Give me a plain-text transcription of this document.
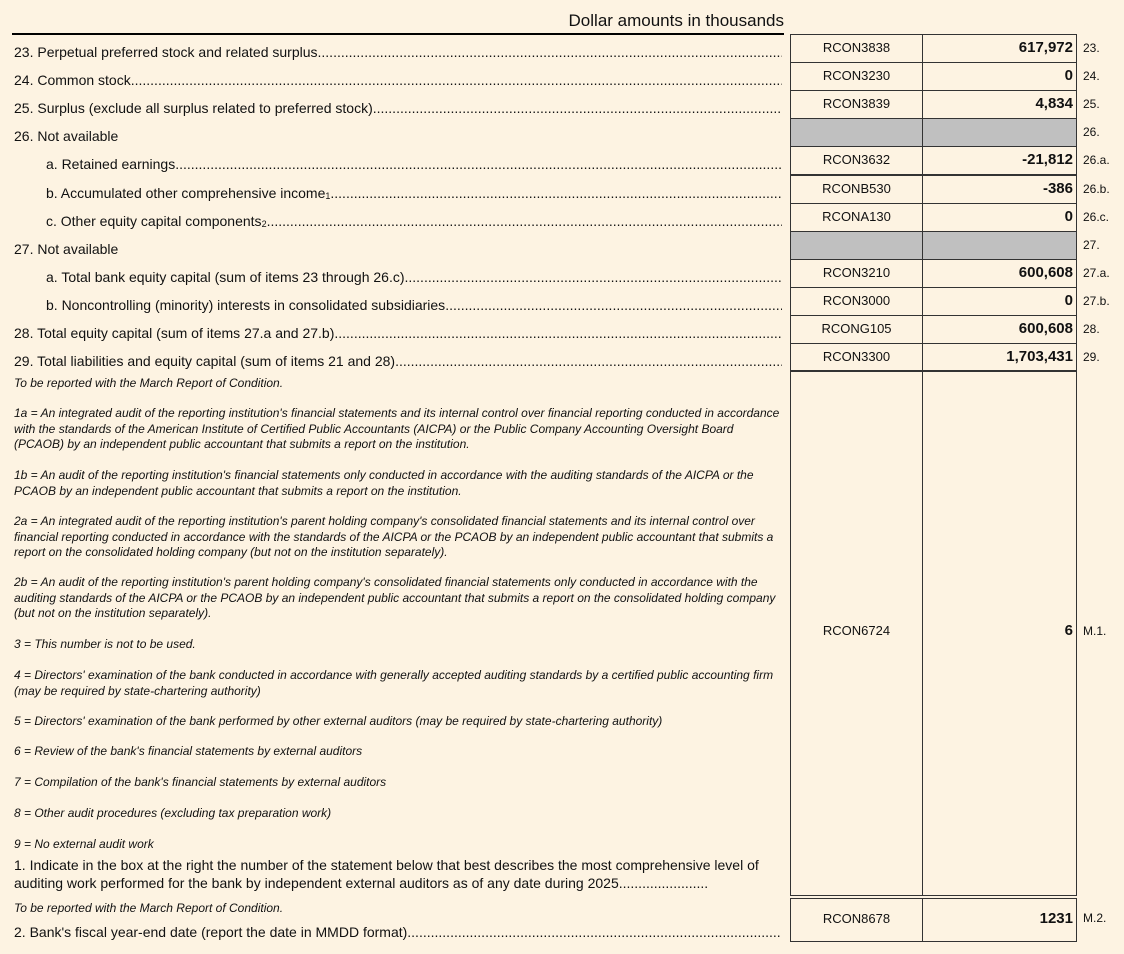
Dollar amounts in thousands
23. Perpetual preferred stock and related surplus .....	RCON3838	617,972 23.
24. Common stock .....	RCON3230	0 24.
25. Surplus (exclude all surplus related to preferred stock) .....	RCON3839	4,834 25.
26. Not available	26.
a. Retained earnings .....	RCON3632	-21,812 26.a.
b. Accumulated other comprehensive income$_1$ .....	RCONB530	-386 26.b.
c. Other equity capital components$_2$ .....	RCONA130	0 26.c.
27. Not available	27.
a. Total bank equity capital (sum of items 23 through 26.c) .....	RCON3210	600,608 27.a.
b. Noncontrolling (minority) interests in consolidated subsidiaries .....	RCON3000	0 27.b.
28. Total equity capital (sum of items 27.a and 27.b) .....	RCONG105	600,608 28.
29. Total liabilities and equity capital (sum of items 21 and 28) .....	RCON3300	1,703,431 29.
To be reported with the March Report of Condition.
1a = An integrated audit of the reporting institution's financial statements and its internal control over financial reporting conducted in accordance with the standards of the American Institute of Certified Public Accountants (AICPA) or the Public Company Accounting Oversight Board (PCAOB) by an independent public accountant that submits a report on the institution.
1b = An audit of the reporting institution's financial statements only conducted in accordance with the auditing standards of the AICPA or the PCAOB by an independent public accountant that submits a report on the institution.
2a = An integrated audit of the reporting institution's parent holding company's consolidated financial statements and its internal control over financial reporting conducted in accordance with the standards of the AICPA or the PCAOB by an independent public accountant that submits a report on the consolidated holding company (but not on the institution separately).
2b = An audit of the reporting institution's parent holding company's consolidated financial statements only conducted in accordance with the auditing standards of the AICPA or the PCAOB by an independent public accountant that submits a report on the consolidated holding company (but not on the institution separately).
3 = This number is not to be used.
4 = Directors' examination of the bank conducted in accordance with generally accepted auditing standards by a certified public accounting firm (may be required by state-chartering authority)
5 = Directors' examination of the bank performed by other external auditors (may be required by state-chartering authority)
6 = Review of the bank's financial statements by external auditors
7 = Compilation of the bank's financial statements by external auditors
8 = Other audit procedures (excluding tax preparation work)
9 = No external audit work
1. Indicate in the box at the right the number of the statement below that best describes the most comprehensive level of auditing work performed for the bank by independent external auditors as of any date during 2025.......................
RCON6724	6 M.1.
To be reported with the March Report of Condition.
2. Bank's fiscal year-end date (report the date in MMDD format)
.....
RCON8678	1231 M.2.
